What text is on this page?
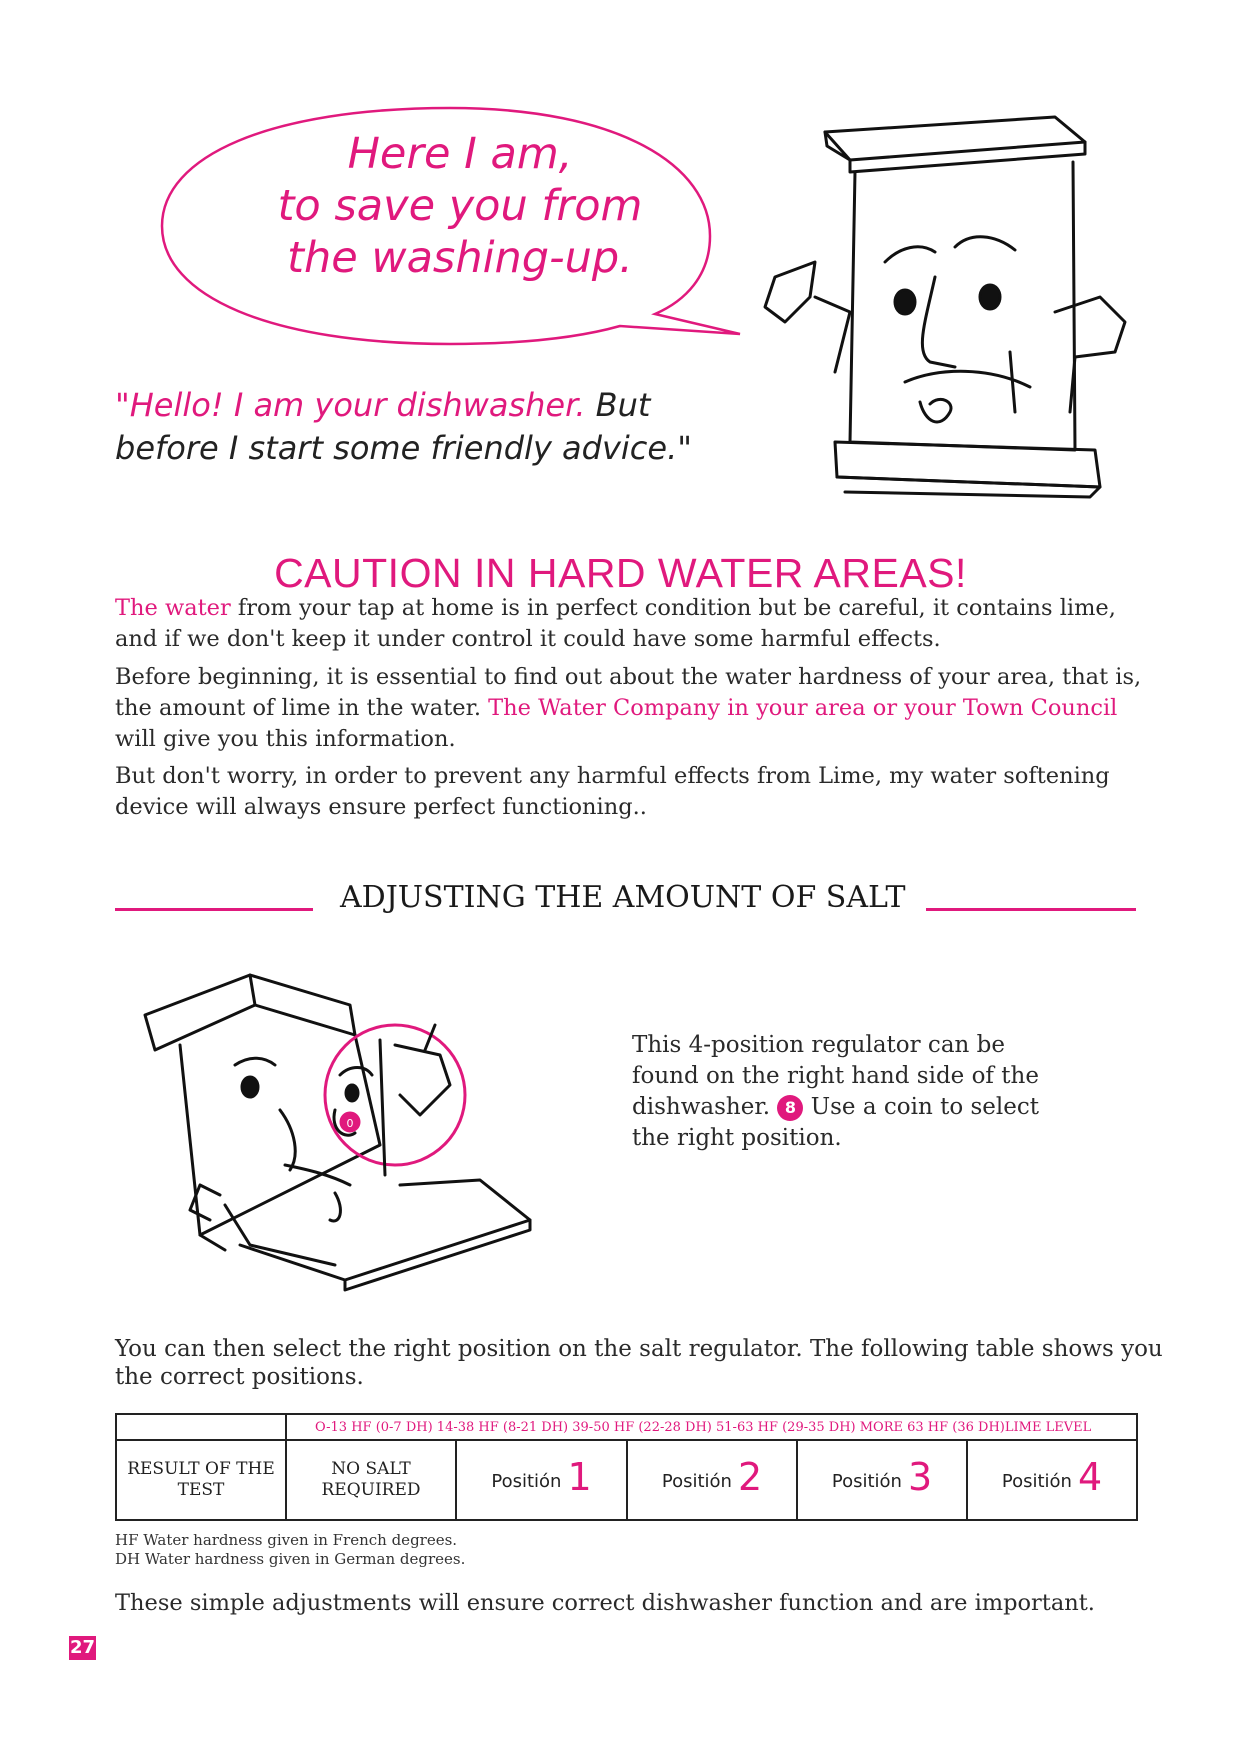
Here I am,
to save you from
the washing-up.
"Hello! I am your dishwasher. But before I start some friendly advice."
CAUTION IN HARD WATER AREAS!
The water from your tap at home is in perfect condition but be careful, it contains lime, and if we don't keep it under control it could have some harmful effects.
Before beginning, it is essential to find out about the water hardness of your area, that is, the amount of lime in the water. The Water Company in your area or your Town Council will give you this information.
But don't worry, in order to prevent any harmful effects from Lime, my water softening device will always ensure perfect functioning..
ADJUSTING THE AMOUNT OF SALT
0
This 4-position regulator can be found on the right hand side of the dishwasher. 8 Use a coin to select the right position.
You can then select the right position on the salt regulator. The following table shows you the correct positions.
	O-13 HF (0-7 DH) 14-38 HF (8-21 DH) 39-50 HF (22-28 DH) 51-63 HF (29-35 DH) MORE 63 HF (36 DH)LIME LEVEL				
RESULT OF THE TEST	NO SALT REQUIRED	Positión 1	Positión 2	Positión 3	Positión 4
HF Water hardness given in French degrees.
DH Water hardness given in German degrees.
These simple adjustments will ensure correct dishwasher function and are important.
27
